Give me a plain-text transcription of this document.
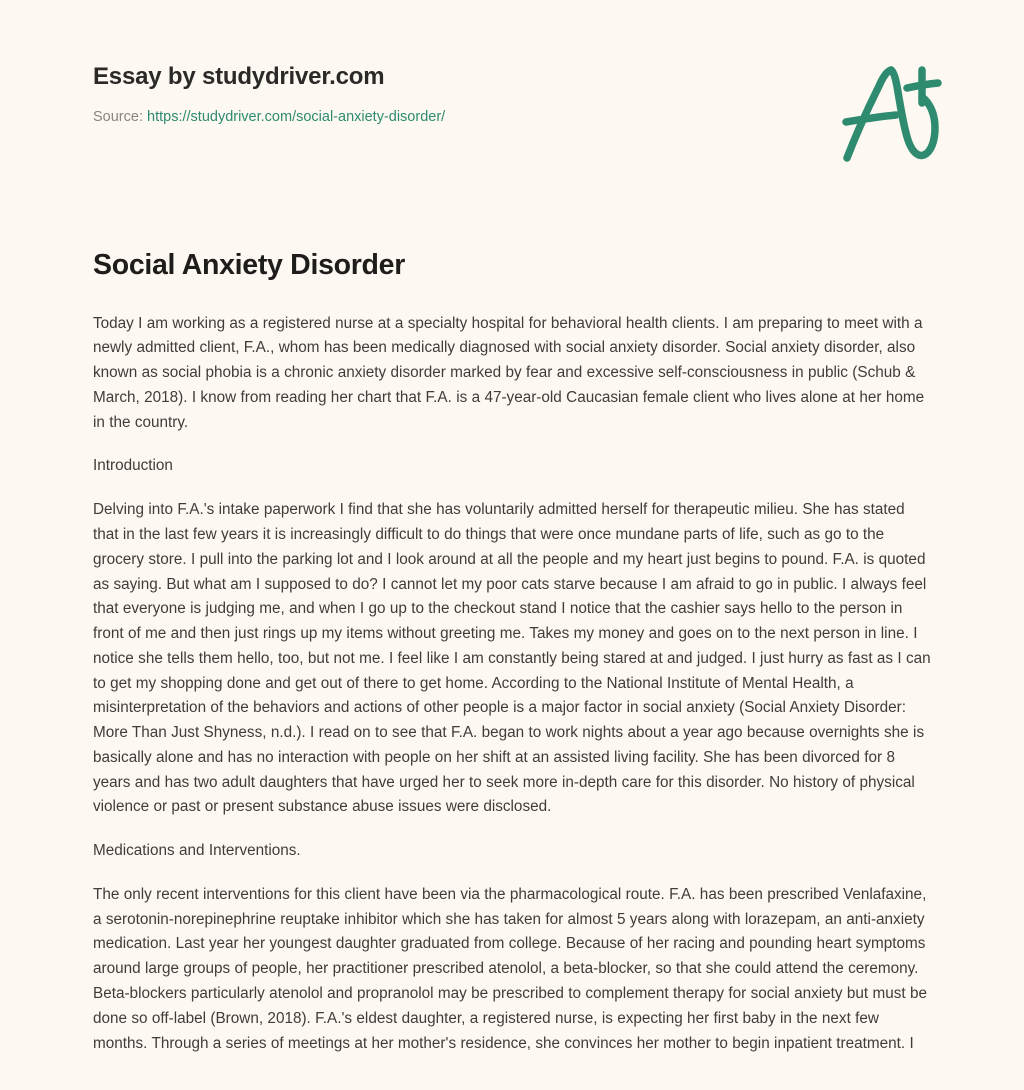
Essay by studydriver.com
Source: https://studydriver.com/social-anxiety-disorder/
Social Anxiety Disorder

Today I am working as a registered nurse at a specialty hospital for behavioral health clients. I am preparing to meet with a newly admitted client, F.A., whom has been medically diagnosed with social anxiety disorder. Social anxiety disorder, also known as social phobia is a chronic anxiety disorder marked by fear and excessive self-consciousness in public (Schub & March, 2018). I know from reading her chart that F.A. is a 47-year-old Caucasian female client who lives alone at her home in the country.

Introduction

Delving into F.A.'s intake paperwork I find that she has voluntarily admitted herself for therapeutic milieu. She has stated that in the last few years it is increasingly difficult to do things that were once mundane parts of life, such as go to the grocery store. I pull into the parking lot and I look around at all the people and my heart just begins to pound. F.A. is quoted as saying. But what am I supposed to do? I cannot let my poor cats starve because I am afraid to go in public. I always feel that everyone is judging me, and when I go up to the checkout stand I notice that the cashier says hello to the person in front of me and then just rings up my items without greeting me. Takes my money and goes on to the next person in line. I notice she tells them hello, too, but not me. I feel like I am constantly being stared at and judged. I just hurry as fast as I can to get my shopping done and get out of there to get home. According to the National Institute of Mental Health, a misinterpretation of the behaviors and actions of other people is a major factor in social anxiety (Social Anxiety Disorder: More Than Just Shyness, n.d.). I read on to see that F.A. began to work nights about a year ago because overnights she is basically alone and has no interaction with people on her shift at an assisted living facility. She has been divorced for 8 years and has two adult daughters that have urged her to seek more in-depth care for this disorder. No history of physical violence or past or present substance abuse issues were disclosed.

Medications and Interventions.

The only recent interventions for this client have been via the pharmacological route. F.A. has been prescribed Venlafaxine, a serotonin-norepinephrine reuptake inhibitor which she has taken for almost 5 years along with lorazepam, an anti-anxiety medication. Last year her youngest daughter graduated from college. Because of her racing and pounding heart symptoms around large groups of people, her practitioner prescribed atenolol, a beta-blocker, so that she could attend the ceremony. Beta-blockers particularly atenolol and propranolol may be prescribed to complement therapy for social anxiety but must be done so off-label (Brown, 2018). F.A.'s eldest daughter, a registered nurse, is expecting her first baby in the next few months. Through a series of meetings at her mother's residence, she convinces her mother to begin inpatient treatment. I
